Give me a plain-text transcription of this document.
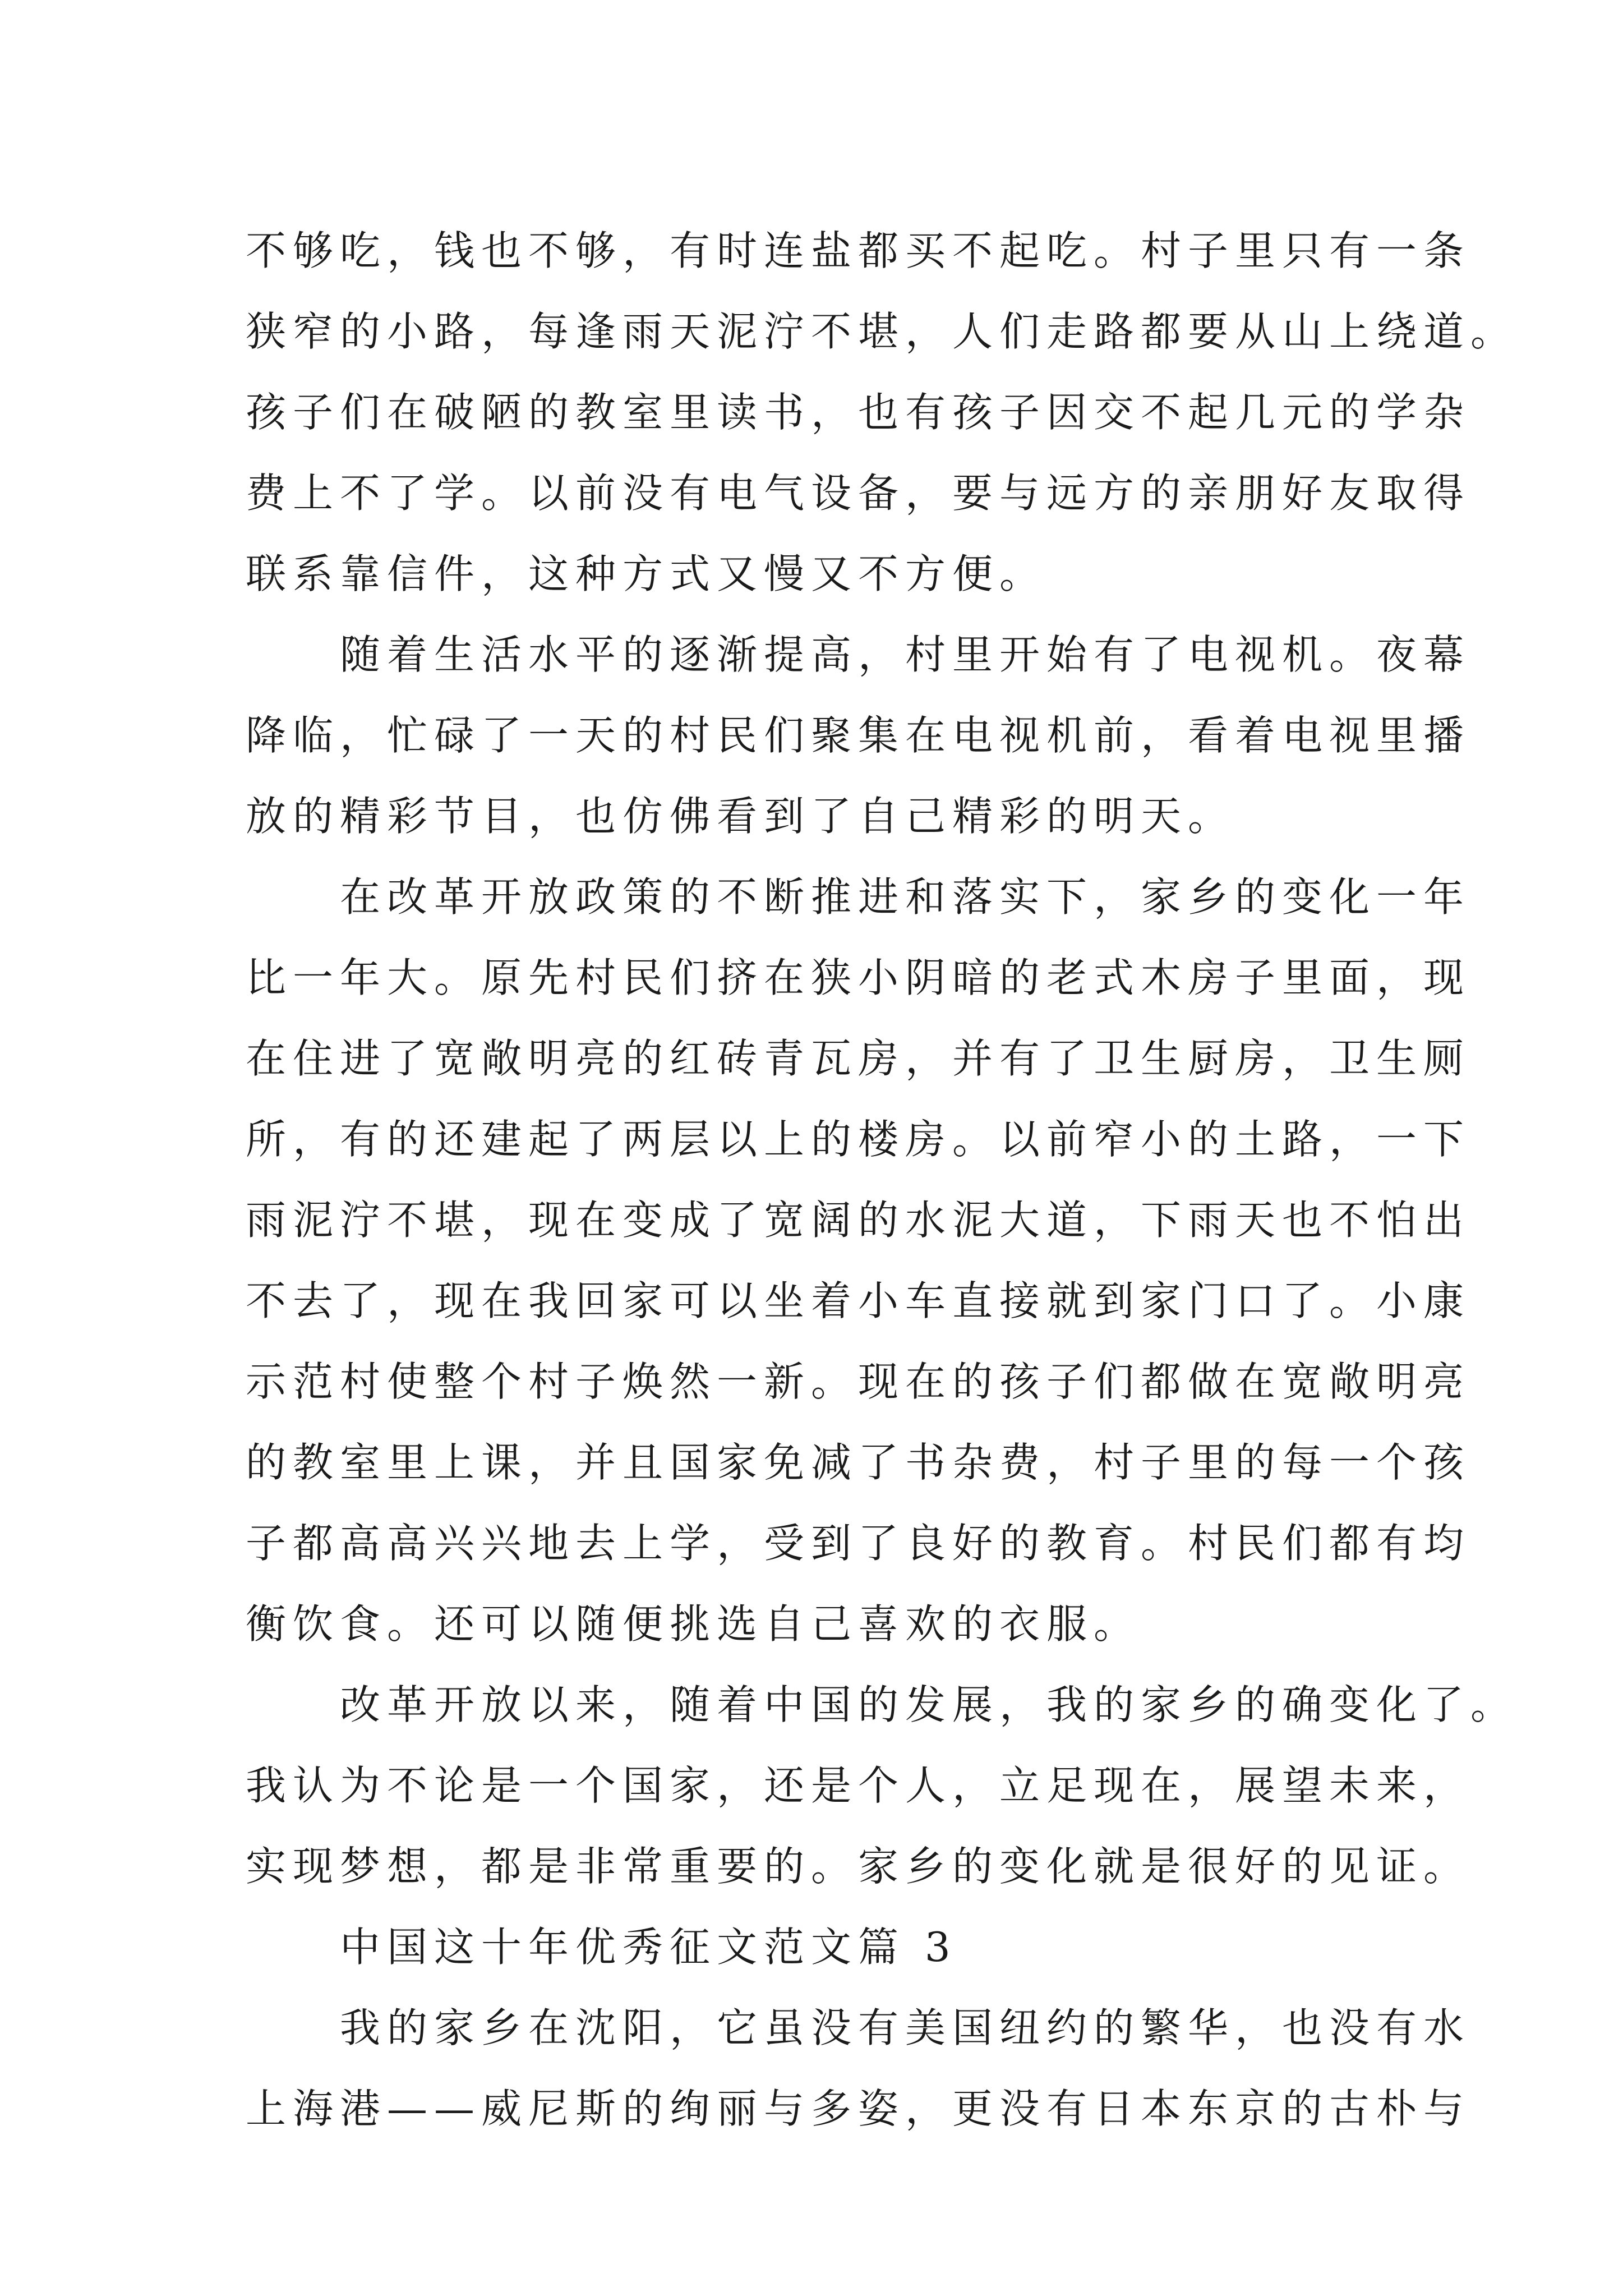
不够吃，钱也不够，有时连盐都买不起吃。村子里只有一条
狭窄的小路，每逢雨天泥泞不堪，人们走路都要从山上绕道。
孩子们在破陋的教室里读书，也有孩子因交不起几元的学杂
费上不了学。以前没有电气设备，要与远方的亲朋好友取得
联系靠信件，这种方式又慢又不方便。
随着生活水平的逐渐提高，村里开始有了电视机。夜幕
降临，忙碌了一天的村民们聚集在电视机前，看着电视里播
放的精彩节目，也仿佛看到了自己精彩的明天。
在改革开放政策的不断推进和落实下，家乡的变化一年
比一年大。原先村民们挤在狭小阴暗的老式木房子里面，现
在住进了宽敞明亮的红砖青瓦房，并有了卫生厨房，卫生厕
所，有的还建起了两层以上的楼房。以前窄小的土路，一下
雨泥泞不堪，现在变成了宽阔的水泥大道，下雨天也不怕出
不去了，现在我回家可以坐着小车直接就到家门口了。小康
示范村使整个村子焕然一新。现在的孩子们都做在宽敞明亮
的教室里上课，并且国家免减了书杂费，村子里的每一个孩
子都高高兴兴地去上学，受到了良好的教育。村民们都有均
衡饮食。还可以随便挑选自己喜欢的衣服。
改革开放以来，随着中国的发展，我的家乡的确变化了。
我认为不论是一个国家，还是个人，立足现在，展望未来，
实现梦想，都是非常重要的。家乡的变化就是很好的见证。
中国这十年优秀征文范文篇 3
我的家乡在沈阳，它虽没有美国纽约的繁华，也没有水
上海港——威尼斯的绚丽与多姿，更没有日本东京的古朴与
